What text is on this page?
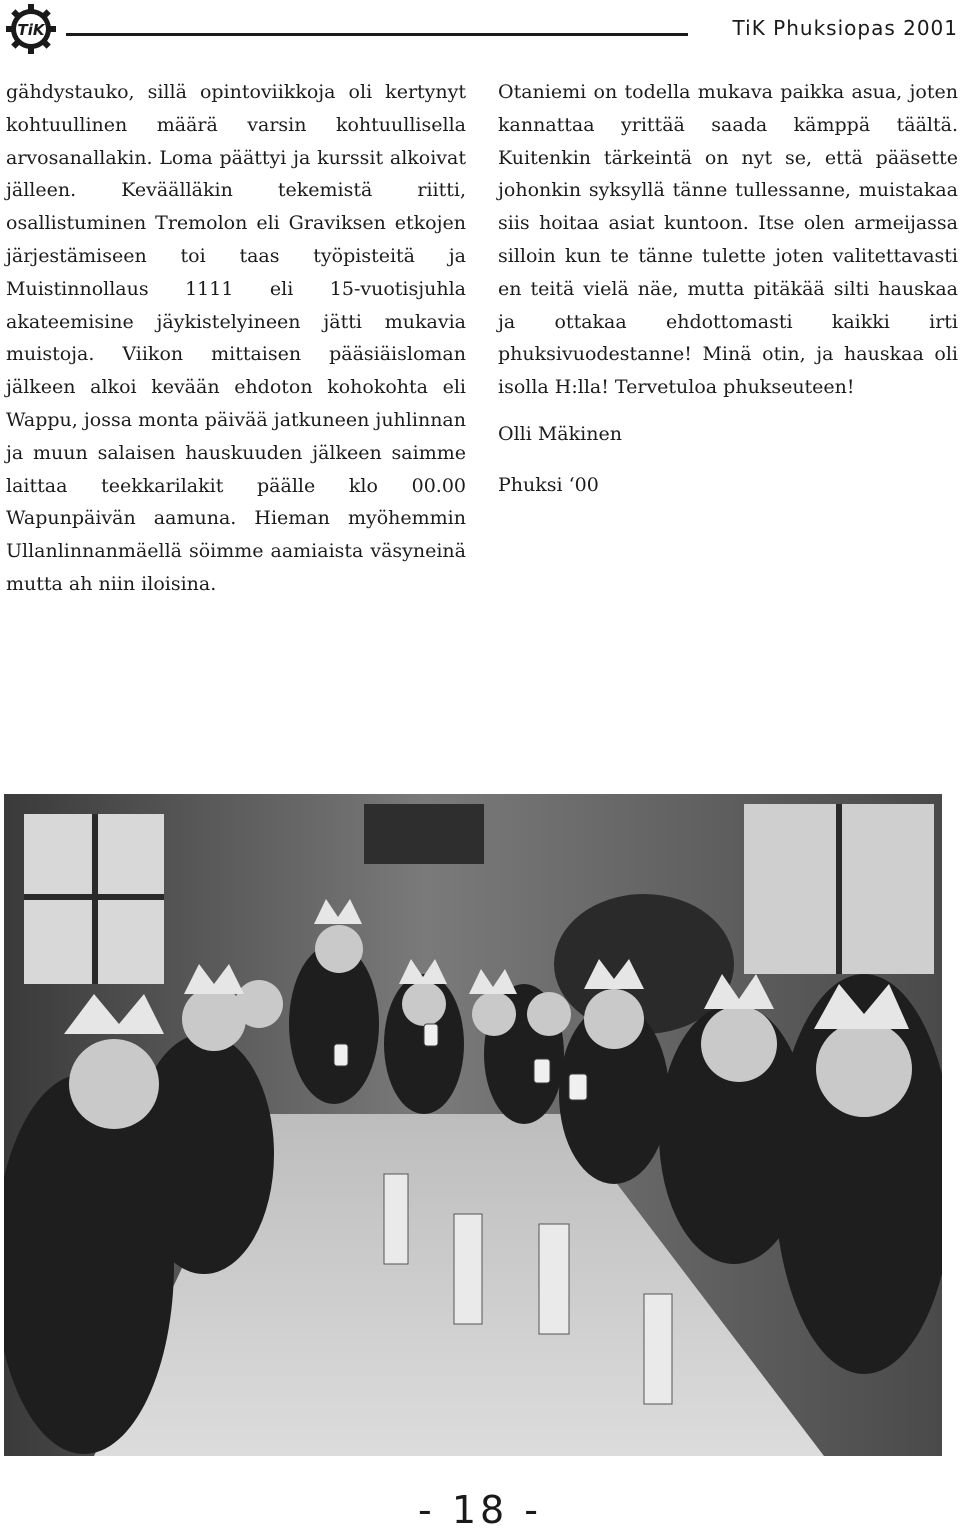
TiK	TiK Phuksiopas 2001

gähdystauko, sillä opintoviikkoja oli kertynyt kohtuullinen määrä varsin kohtuullisella arvosanallakin. Loma päättyi ja kurssit alkoivat jälleen. Keväälläkin tekemistä riitti, osallistuminen Tremolon eli Graviksen etkojen järjestämiseen toi taas työpisteitä ja Muistinnollaus 1111 eli 15-vuotisjuhla akateemisine jäykistelyineen jätti mukavia muistoja. Viikon mittaisen pääsiäisloman jälkeen alkoi kevään ehdoton kohokohta eli Wappu, jossa monta päivää jatkuneen juhlinnan ja muun salaisen hauskuuden jälkeen saimme laittaa teekkarilakit päälle klo 00.00 Wapunpäivän aamuna. Hieman myöhemmin Ullanlinnanmäellä söimme aamiaista väsyneinä mutta ah niin iloisina.

Otaniemi on todella mukava paikka asua, joten kannattaa yrittää saada kämppä täältä. Kuitenkin tärkeintä on nyt se, että pääsette johonkin syksyllä tänne tullessanne, muistakaa siis hoitaa asiat kuntoon. Itse olen armeijassa silloin kun te tänne tulette joten valitettavasti en teitä vielä näe, mutta pitäkää silti hauskaa ja ottakaa ehdottomasti kaikki irti phuksivuodestanne! Minä otin, ja hauskaa oli isolla H:lla! Tervetuloa phukseuteen!

Olli Mäkinen

Phuksi ‘00

- 18 -
